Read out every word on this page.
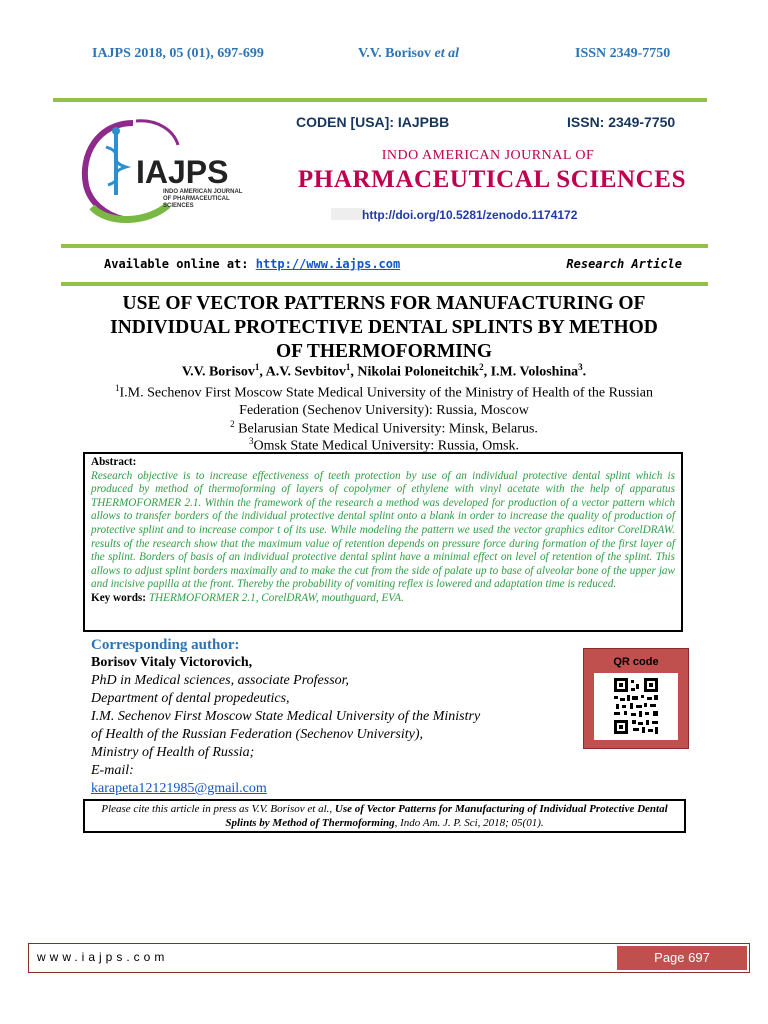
IAJPS 2018, 05 (01), 697-699	V.V. Borisov et al	ISSN 2349-7750
IAJPS
INDO AMERICAN JOURNAL OF PHARMACEUTICAL SCIENCES
CODEN [USA]: IAJPBB	ISSN: 2349-7750
INDO AMERICAN JOURNAL OF
PHARMACEUTICAL SCIENCES
http://doi.org/10.5281/zenodo.1174172
Available online at: http://www.iajps.com	Research Article
USE OF VECTOR PATTERNS FOR MANUFACTURING OF
INDIVIDUAL PROTECTIVE DENTAL SPLINTS BY METHOD
OF THERMOFORMING
V.V. Borisov$^1$, A.V. Sevbitov$^1$, Nikolai Poloneitchik$^2$, I.M. Voloshina$^3$.
$^1$I.M. Sechenov First Moscow State Medical University of the Ministry of Health of the Russian
Federation (Sechenov University): Russia, Moscow
$^2$ Belarusian State Medical University: Minsk, Belarus.
$^3$Omsk State Medical University: Russia, Omsk.
Abstract:
Research objective is to increase effectiveness of teeth protection by use of an individual protective dental splint which is produced by method of thermoforming of layers of copolymer of ethylene with vinyl acetate with the help of apparatus THERMOFORMER 2.1. Within the framework of the research a method was developed for production of a vector pattern which allows to transfer borders of the individual protective dental splint onto a blank in order to increase the quality of production of protective splint and to increase compor t of its use. While modeling the pattern we used the vector graphics editor CorelDRAW. results of the research show that the maximum value of retention depends on pressure force during formation of the first layer of the splint. Borders of basis of an individual protective dental splint have a minimal effect on level of retention of the splint. This allows to adjust splint borders maximally and to make the cut from the side of palate up to base of alveolar bone of the upper jaw and incisive papilla at the front. Thereby the probability of vomiting reflex is lowered and adaptation time is reduced.
Key words: THERMOFORMER 2.1, CorelDRAW, mouthguard, EVA.
Corresponding author:
Borisov Vitaly Victorovich,
PhD in Medical sciences, associate Professor,
Department of dental propedeutics,
I.M. Sechenov First Moscow State Medical University of the Ministry
of Health of the Russian Federation (Sechenov University),
Ministry of Health of Russia;
E-mail:
karapeta12121985@gmail.com
QR code
Please cite this article in press as V.V. Borisov et al., Use of Vector Patterns for Manufacturing of Individual Protective Dental Splints by Method of Thermoforming, Indo Am. J. P. Sci, 2018; 05(01).
www.iajps.com	Page 697
